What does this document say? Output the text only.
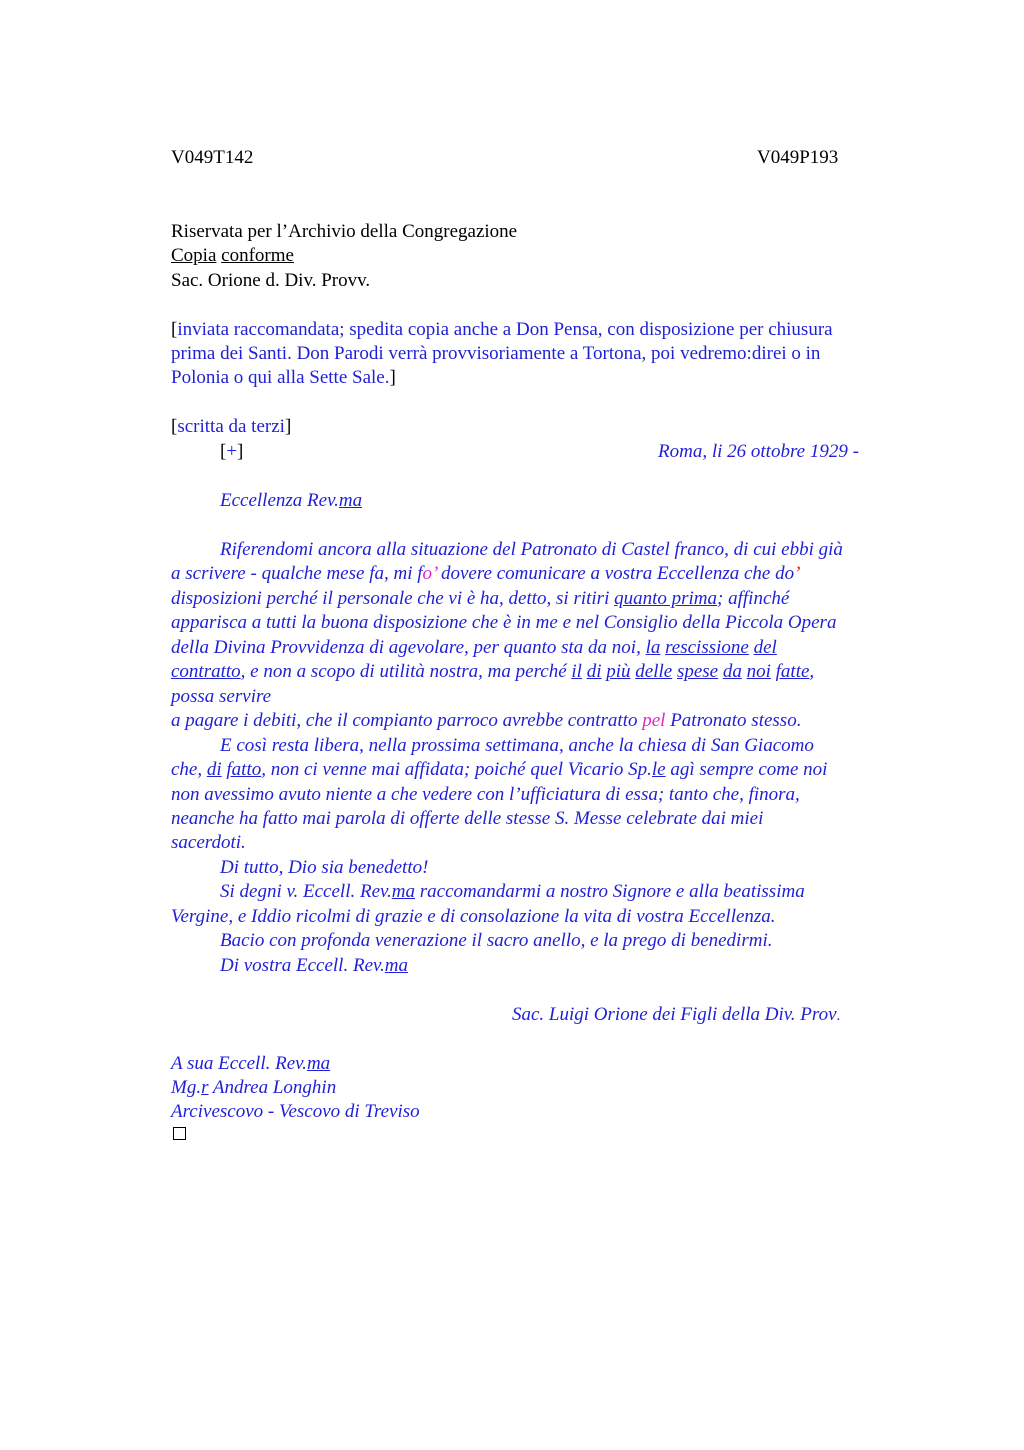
V049T142	V049P193
Riservata per l’Archivio della Congregazione
Copia conforme
Sac. Orione d. Div. Provv.
[inviata raccomandata; spedita copia anche a Don Pensa, con disposizione per chiusura
prima dei Santi. Don Parodi verrà provvisoriamente a Tortona, poi vedremo:direi o in
Polonia o qui alla Sette Sale.]
[scritta da terzi]
[+]	Roma, li 26 ottobre 1929 -
Eccellenza Rev.ma
Riferendomi ancora alla situazione del Patronato di Castel franco, di cui ebbi già
a scrivere - qualche mese fa, mi fo’ dovere comunicare a vostra Eccellenza che do’
disposizioni perché il personale che vi è ha, detto, si ritiri quanto prima; affinché
apparisca a tutti la buona disposizione che è in me e nel Consiglio della Piccola Opera
della Divina Provvidenza di agevolare, per quanto sta da noi, la rescissione del
contratto, e non a scopo di utilità nostra, ma perché il di più delle spese da noi fatte,
possa servire
a pagare i debiti, che il compianto parroco avrebbe contratto pel Patronato stesso.
E così resta libera, nella prossima settimana, anche la chiesa di San Giacomo
che, di fatto, non ci venne mai affidata; poiché quel Vicario Sp.le agì sempre come noi
non avessimo avuto niente a che vedere con l’ufficiatura di essa; tanto che, finora,
neanche ha fatto mai parola di offerte delle stesse S. Messe celebrate dai miei
sacerdoti.
Di tutto, Dio sia benedetto!
Si degni v. Eccell. Rev.ma raccomandarmi a nostro Signore e alla beatissima
Vergine, e Iddio ricolmi di grazie e di consolazione la vita di vostra Eccellenza.
Bacio con profonda venerazione il sacro anello, e la prego di benedirmi.
Di vostra Eccell. Rev.ma
Sac. Luigi Orione dei Figli della Div. Prov.
A sua Eccell. Rev.ma
Mg.r Andrea Longhin
Arcivescovo - Vescovo di Treviso
